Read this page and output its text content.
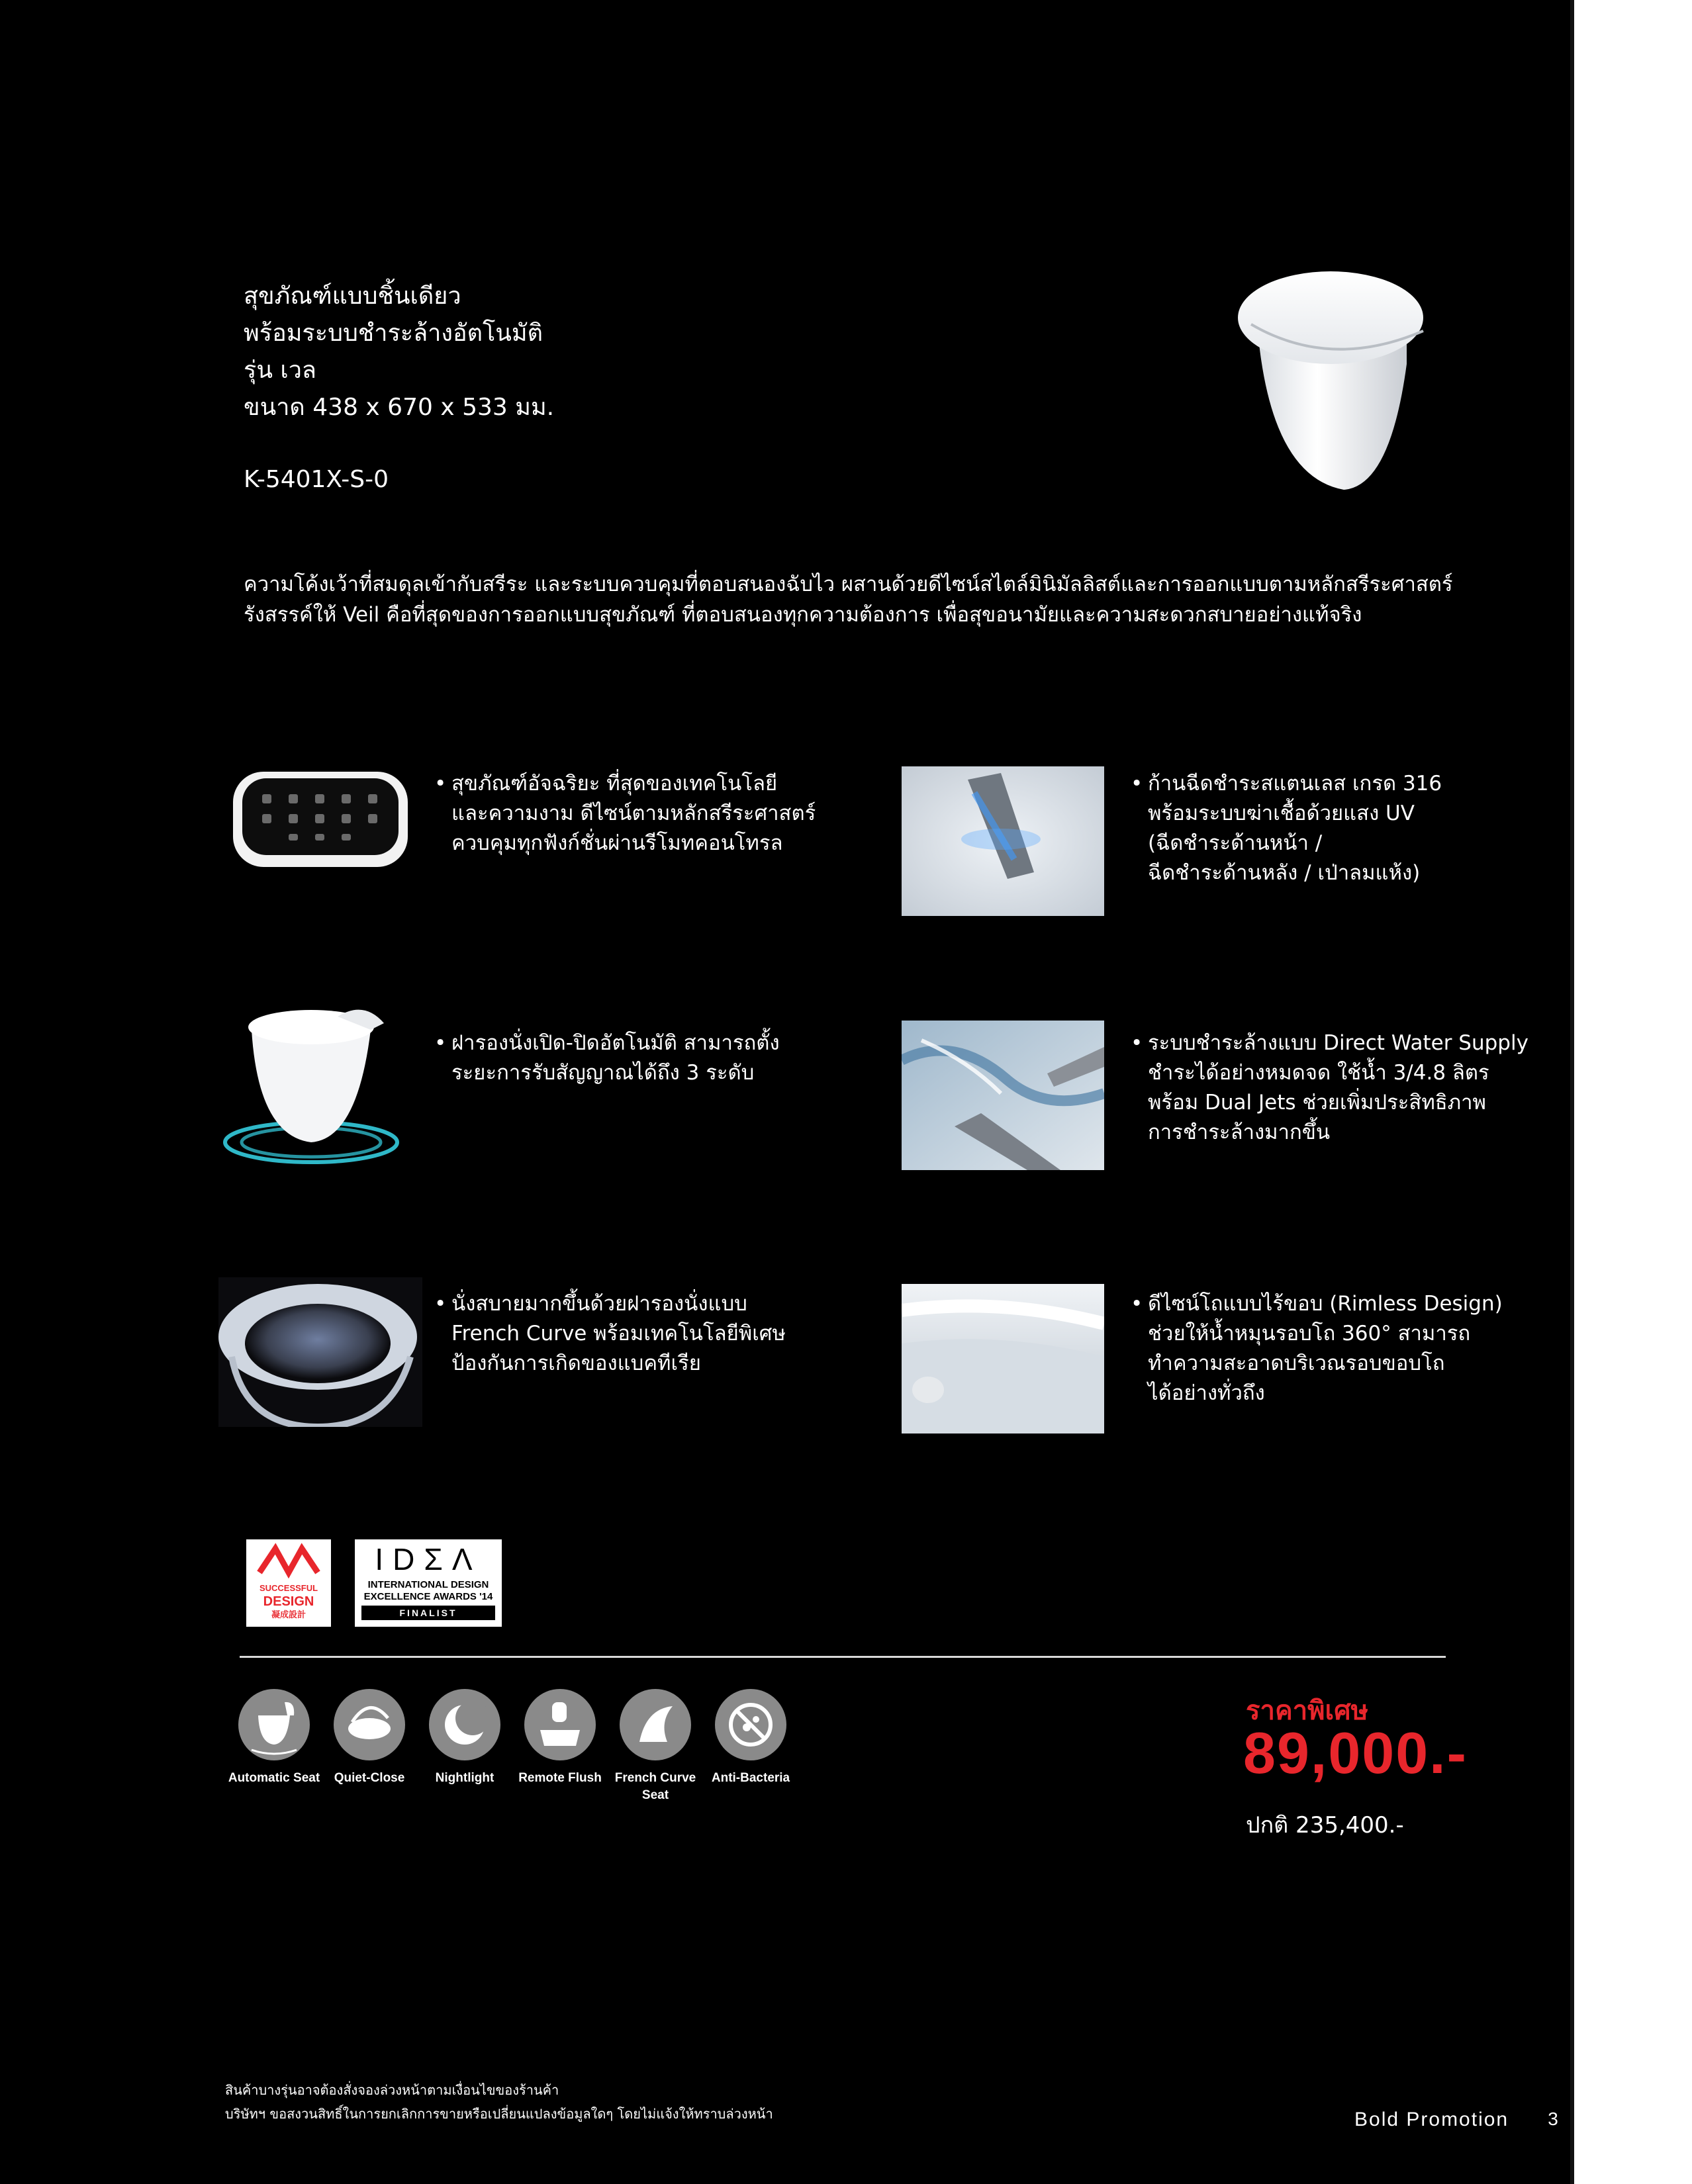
สุขภัณฑ์แบบชิ้นเดียว
พร้อมระบบชำระล้างอัตโนมัติ
รุ่น เวล
ขนาด 438 x 670 x 533 มม.
K-5401X-S-0
ความโค้งเว้าที่สมดุลเข้ากับสรีระ และระบบควบคุมที่ตอบสนองฉับไว ผสานด้วยดีไซน์สไตล์มินิมัลลิสต์และการออกแบบตามหลักสรีระศาสตร์
รังสรรค์ให้ Veil คือที่สุดของการออกแบบสุขภัณฑ์ ที่ตอบสนองทุกความต้องการ เพื่อสุขอนามัยและความสะดวกสบายอย่างแท้จริง
• สุขภัณฑ์อัจฉริยะ ที่สุดของเทคโนโลยี
และความงาม ดีไซน์ตามหลักสรีระศาสตร์
ควบคุมทุกฟังก์ชั่นผ่านรีโมทคอนโทรล
• ก้านฉีดชำระสแตนเลส เกรด 316
พร้อมระบบฆ่าเชื้อด้วยแสง UV
(ฉีดชำระด้านหน้า /
ฉีดชำระด้านหลัง / เป่าลมแห้ง)
• ฝารองนั่งเปิด-ปิดอัตโนมัติ สามารถตั้ง
ระยะการรับสัญญาณได้ถึง 3 ระดับ
• ระบบชำระล้างแบบ Direct Water Supply
ชำระได้อย่างหมดจด ใช้น้ำ 3/4.8 ลิตร
พร้อม Dual Jets ช่วยเพิ่มประสิทธิภาพ
การชำระล้างมากขึ้น
• นั่งสบายมากขึ้นด้วยฝารองนั่งแบบ
French Curve พร้อมเทคโนโลยีพิเศษ
ป้องกันการเกิดของแบคทีเรีย
• ดีไซน์โถแบบไร้ขอบ (Rimless Design)
ช่วยให้น้ำหมุนรอบโถ 360° สามารถ
ทำความสะอาดบริเวณรอบขอบโถ
ได้อย่างทั่วถึง
SUCCESSFUL
DESIGN
凝成設計
IDΣΛ
INTERNATIONAL DESIGN
EXCELLENCE AWARDS '14
FINALIST
Automatic Seat	Quiet-Close	Nightlight	Remote Flush	French Curve Seat
Anti-Bacteria
ราคาพิเศษ
89,000.-
ปกติ 235,400.-
สินค้าบางรุ่นอาจต้องสั่งจองล่วงหน้าตามเงื่อนไขของร้านค้า
บริษัทฯ ขอสงวนสิทธิ์ในการยกเลิกการขายหรือเปลี่ยนแปลงข้อมูลใดๆ โดยไม่แจ้งให้ทราบล่วงหน้า	Bold Promotion	3
